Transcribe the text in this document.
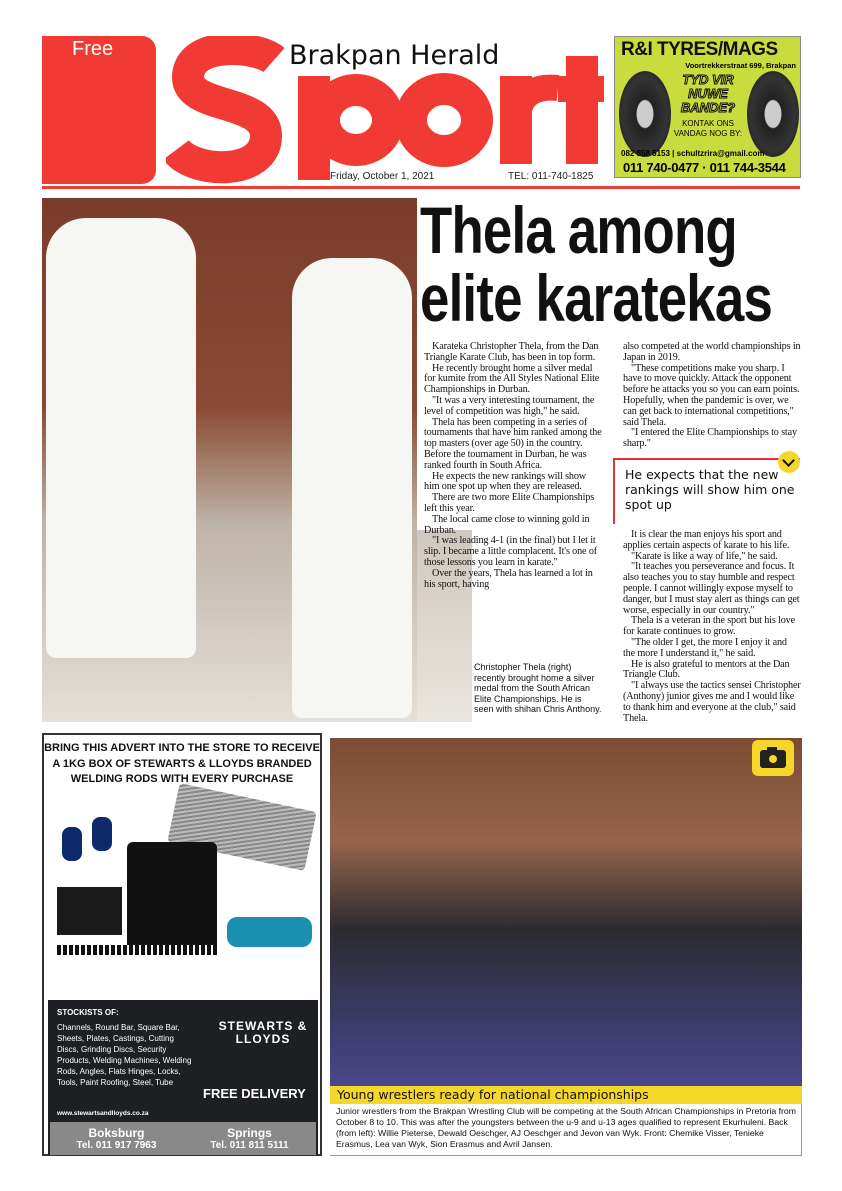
Free	Brakpan Herald
Friday, October 1, 2021	TEL: 011-740-1825
R&I TYRES/MAGS
Voortrekkerstraat 699, Brakpan
TYD VIR NUWE BANDE?
KONTAK ONS VANDAG NOG BY:
082 858 5153 | schultzrira@gmail.com
011 740-0477 · 011 744-3544
Thela among elite karatekas

Karateka Christopher Thela, from the Dan Triangle Karate Club, has been in top form.

He recently brought home a silver medal for kumite from the All Styles National Elite Championships in Durban.

"It was a very interesting tournament, the level of competition was high," he said.

Thela has been competing in a series of tournaments that have him ranked among the top masters (over age 50) in the country. Before the tournament in Durban, he was ranked fourth in South Africa.

He expects the new rankings will show him one spot up when they are released.

There are two more Elite Championships left this year.

The local came close to winning gold in Durban.

"I was leading 4-1 (in the final) but I let it slip. I became a little complacent. It's one of those lessons you learn in karate."

Over the years, Thela has learned a lot in his sport, having

Christopher Thela (right) recently brought home a silver medal from the South African Elite Championships. He is seen with shihan Chris Anthony.

also competed at the world championships in Japan in 2019.

"These competitions make you sharp. I have to move quickly. Attack the opponent before he attacks you so you can earn points. Hopefully, when the pandemic is over, we can get back to international competitions," said Thela.

"I entered the Elite Championships to stay sharp."

He expects that the new rankings will show him one spot up

It is clear the man enjoys his sport and applies certain aspects of karate to his life.

"Karate is like a way of life," he said.

"It teaches you perseverance and focus. It also teaches you to stay humble and respect people. I cannot willingly expose myself to danger, but I must stay alert as things can get worse, especially in our country."

Thela is a veteran in the sport but his love for karate continues to grow.

"The older I get, the more I enjoy it and the more I understand it," he said.

He is also grateful to mentors at the Dan Triangle Club.

"I always use the tactics sensei Christopher (Anthony) junior gives me and I would like to thank him and everyone at the club," said Thela.

BRING THIS ADVERT INTO THE STORE TO RECEIVE A 1KG BOX OF STEWARTS & LLOYDS BRANDED WELDING RODS WITH EVERY PURCHASE
STOCKISTS OF:
Channels, Round Bar, Square Bar, Sheets, Plates, Castings, Cutting Discs, Grinding Discs, Security Products, Welding Machines, Welding Rods, Angles, Flats Hinges, Locks, Tools, Paint Roofing, Steel, Tube
www.stewartsandlloyds.co.za
STEWARTS & LLOYDS
FREE DELIVERY
Boksburg
Tel. 011 917 7963
Springs
Tel. 011 811 5111
Young wrestlers ready for national championships
Junior wrestlers from the Brakpan Wrestling Club will be competing at the South African Championships in Pretoria from October 8 to 10. This was after the youngsters between the u-9 and u-13 ages qualified to represent Ekurhuleni. Back (from left): Willie Pieterse, Dewald Oeschger, AJ Oeschger and Jevon van Wyk. Front: Chemike Visser, Tenieke Erasmus, Lea van Wyk, Sion Erasmus and Avril Jansen.
